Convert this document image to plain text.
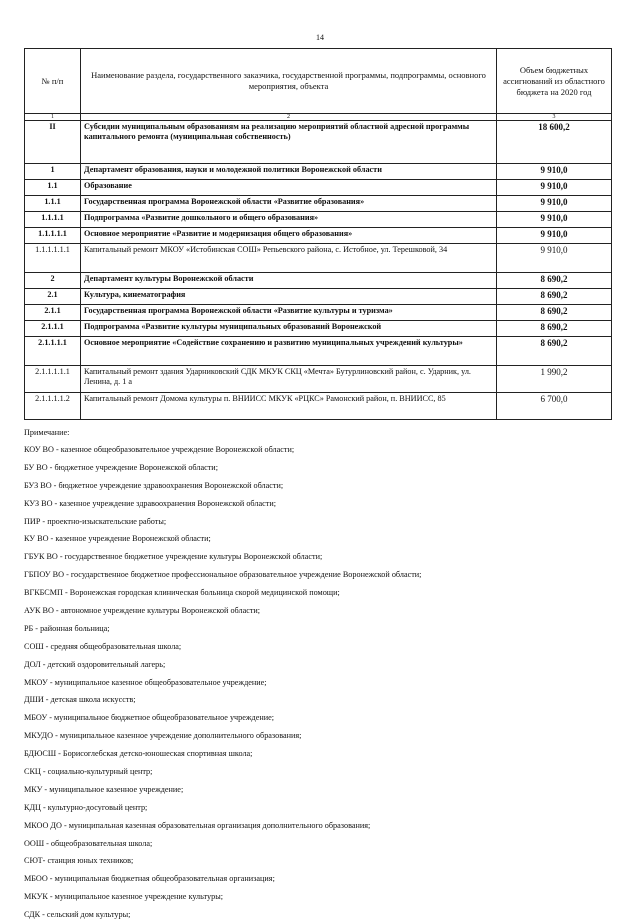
14
№ п/п	Наименование раздела, государственного заказчика, государственной программы, подпрограммы, основного мероприятия, объекта	Объем бюджетных ассигнований из областного бюджета на 2020 год
1	2	3
II	Субсидии муниципальным образованиям на реализацию мероприятий областной адресной программы капитального ремонта (муниципальная собственность)	18 600,2
1	Департамент образования, науки и молодежной политики Воронежской области	9 910,0
1.1	Образование	9 910,0
1.1.1	Государственная программа Воронежской области «Развитие образования»	9 910,0
1.1.1.1	Подпрограмма «Развитие дошкольного и общего образования»	9 910,0
1.1.1.1.1	Основное мероприятие «Развитие и модернизация общего образования»	9 910,0
1.1.1.1.1.1	Капитальный ремонт МКОУ «Истобинская СОШ» Репьевского района, с. Истобное, ул. Терешковой, 34	9 910,0
2	Департамент культуры Воронежской области	8 690,2
2.1	Культура, кинематография	8 690,2
2.1.1	Государственная программа Воронежской области «Развитие культуры и туризма»	8 690,2
2.1.1.1	Подпрограмма «Развитие культуры муниципальных образований Воронежской	8 690,2
2.1.1.1.1	Основное мероприятие «Содействие сохранению и развитию муниципальных учреждений культуры»	8 690,2
2.1.1.1.1.1	Капитальный ремонт здания Ударниковский СДК МКУК СКЦ «Мечта» Бутурлиновский район, с. Ударник, ул. Ленина, д. 1 а	1 990,2
2.1.1.1.1.2	Капитальный ремонт Домома культуры п. ВНИИСС МКУК «РЦКС» Рамонский район, п. ВНИИСС, 85	6 700,0
Примечание:
КОУ ВО - казенное общеобразовательное учреждение Воронежской области;
БУ ВО - бюджетное учреждение Воронежской области;
БУЗ ВО - бюджетное учреждение здравоохранения Воронежской области;
КУЗ ВО - казенное учреждение здравоохранения Воронежской области;
ПИР - проектно-изыскательские работы;
КУ ВО - казенное учреждение Воронежской области;
ГБУК ВО - государственное бюджетное учреждение культуры Воронежской области;
ГБПОУ ВО - государственное бюджетное профессиональное образовательное учреждение Воронежской области;
ВГКБСМП - Воронежская городская клиническая больница скорой медицинской помощи;
АУК ВО - автономное учреждение культуры Воронежской области;
РБ - районная больница;
СОШ - средняя общеобразовательная школа;
ДОЛ - детский оздоровительный лагерь;
МКОУ - муниципальное казенное общеобразовательное учреждение;
ДШИ - детская школа искусств;
МБОУ - муниципальное бюджетное общеобразовательное учреждение;
МКУДО - муниципальное казенное учреждение дополнительного образования;
БДЮСШ - Борисоглебская детско-юношеская спортивная школа;
СКЦ - социально-культурный центр;
МКУ - муниципальное казенное учреждение;
КДЦ - культурно-досуговый центр;
МКОО ДО - муниципальная казенная образовательная организация дополнительного образования;
ООШ - общеобразовательная школа;
СЮТ- станция юных техников;
МБОО - муниципальная бюджетная общеобразовательная организация;
МКУК - муниципальное казенное учреждение культуры;
СДК - сельский дом культуры;
